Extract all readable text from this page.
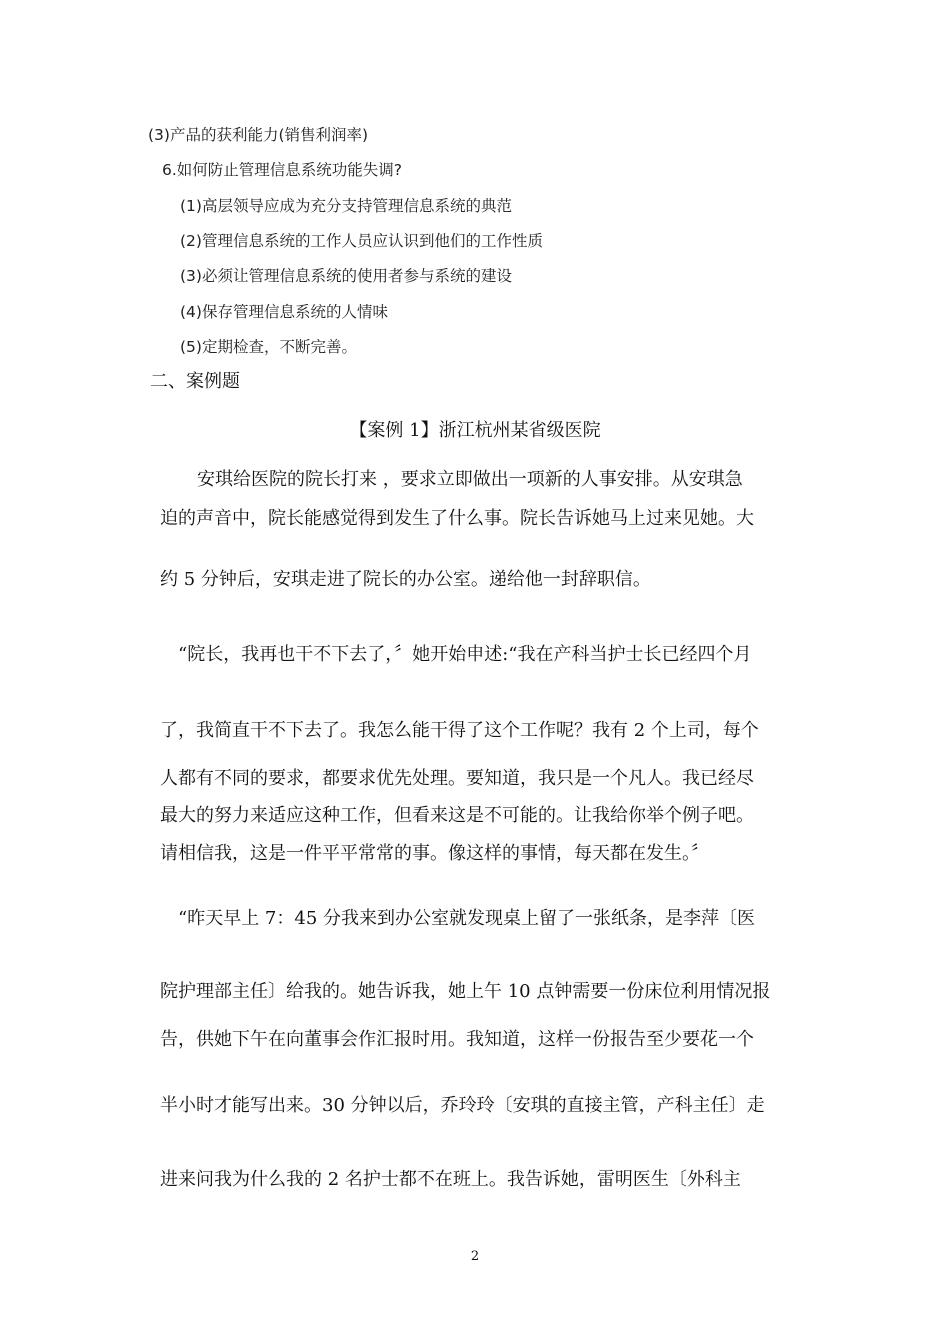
(3)产品的获利能力(销售利润率)
6.如何防止管理信息系统功能失调?
(1)高层领导应成为充分支持管理信息系统的典范
(2)管理信息系统的工作人员应认识到他们的工作性质
(3)必须让管理信息系统的使用者参与系统的建设
(4)保存管理信息系统的人情味
(5)定期检查，不断完善。
二、案例题
【案例 1】浙江杭州某省级医院
安琪给医院的院长打来 ，要求立即做出一项新的人事安排。从安琪急
迫的声音中，院长能感觉得到发生了什么事。院长告诉她马上过来见她。大
约 5 分钟后，安琪走进了院长的办公室。递给他一封辞职信。
“院长，我再也干不下去了，〞她开始申述:“我在产科当护士长已经四个月
了，我简直干不下去了。我怎么能干得了这个工作呢？我有 2 个上司，每个
人都有不同的要求，都要求优先处理。要知道，我只是一个凡人。我已经尽
最大的努力来适应这种工作，但看来这是不可能的。让我给你举个例子吧。
请相信我，这是一件平平常常的事。像这样的事情，每天都在发生。〞
“昨天早上 7：45 分我来到办公室就发现桌上留了一张纸条，是李萍〔医
院护理部主任〕给我的。她告诉我，她上午 10 点钟需要一份床位利用情况报
告，供她下午在向董事会作汇报时用。我知道，这样一份报告至少要花一个
半小时才能写出来。30 分钟以后，乔玲玲〔安琪的直接主管，产科主任〕走
进来问我为什么我的 2 名护士都不在班上。我告诉她，雷明医生〔外科主
2
